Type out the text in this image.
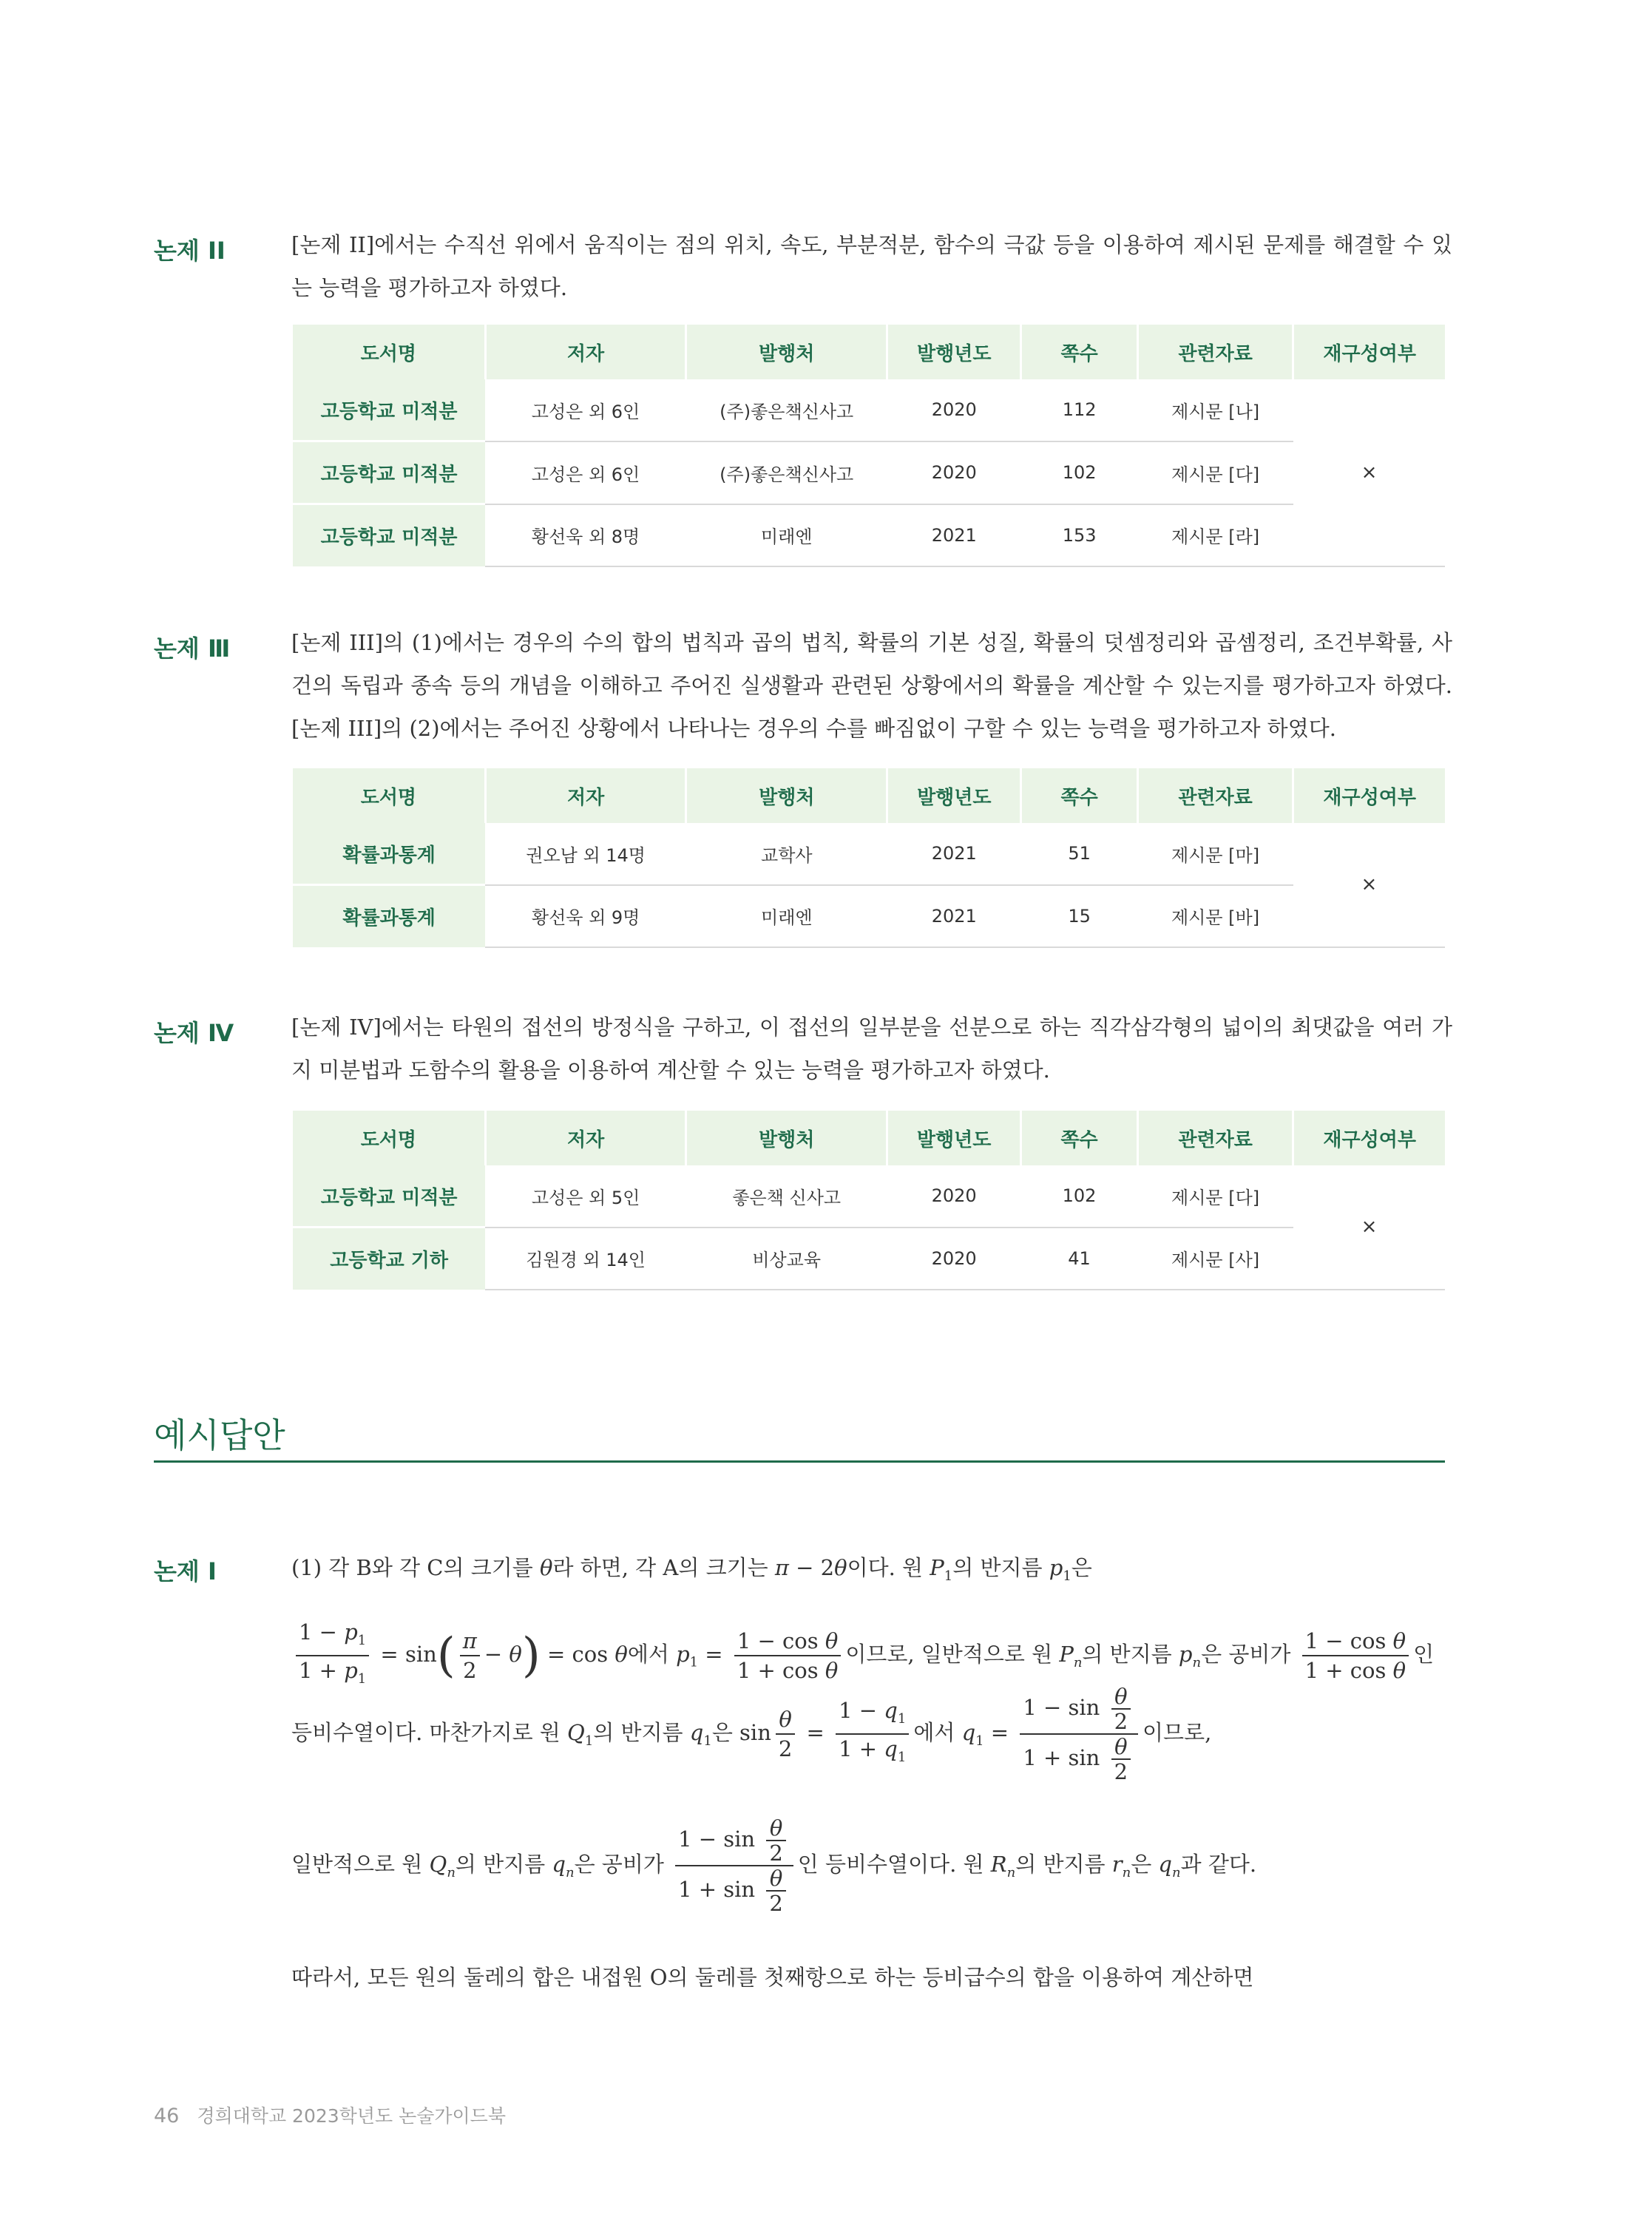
논제 II	[논제 II]에서는 수직선 위에서 움직이는 점의 위치, 속도, 부분적분, 함수의 극값 등을 이용하여 제시된 문제를 해결할 수 있는 능력을 평가하고자 하였다.
도서명	저자	발행처	발행년도	쪽수	관련자료	재구성여부
고등학교 미적분	고성은 외 6인	(주)좋은책신사고	2020	112	제시문 [나]	×
고등학교 미적분	고성은 외 6인	(주)좋은책신사고	2020	102	제시문 [다]	
고등학교 미적분	황선욱 외 8명	미래엔	2021	153	제시문 [라]	
논제 Ⅲ	[논제 III]의 (1)에서는 경우의 수의 합의 법칙과 곱의 법칙, 확률의 기본 성질, 확률의 덧셈정리와 곱셈정리, 조건부확률, 사건의 독립과 종속 등의 개념을 이해하고 주어진 실생활과 관련된 상황에서의 확률을 계산할 수 있는지를 평가하고자 하였다. [논제 III]의 (2)에서는 주어진 상황에서 나타나는 경우의 수를 빠짐없이 구할 수 있는 능력을 평가하고자 하였다.
도서명	저자	발행처	발행년도	쪽수	관련자료	재구성여부
확률과통계	권오남 외 14명	교학사	2021	51	제시문 [마]	×
확률과통계	황선욱 외 9명	미래엔	2021	15	제시문 [바]	
논제 Ⅳ	[논제 IV]에서는 타원의 접선의 방정식을 구하고, 이 접선의 일부분을 선분으로 하는 직각삼각형의 넓이의 최댓값을 여러 가지 미분법과 도함수의 활용을 이용하여 계산할 수 있는 능력을 평가하고자 하였다.
도서명	저자	발행처	발행년도	쪽수	관련자료	재구성여부
고등학교 미적분	고성은 외 5인	좋은책 신사고	2020	102	제시문 [다]	×
고등학교 기하	김원경 외 14인	비상교육	2020	41	제시문 [사]	
예시답안
논제 Ⅰ	(1) 각 B와 각 C의 크기를 θ라 하면, 각 A의 크기는 π − 2θ이다. 원 $P_1$의 반지름 $p_1$은
$\frac{1 - p_1}{1 + p_1} = \sin( \frac{\pi}{2} - \theta) = \cos \theta$에서 $p_1 = \frac{\text{1 − cos θ}}{\text{1 + cos θ}}$ 이므로, 일반적으로 원 $P_n$의 반지름 $p_n$은 공비가 $\frac{\text{1 − cos θ}}{\text{1 + cos θ}}$ 인
등비수열이다. 마찬가지로 원 $Q_1$의 반지름 $q_1$은 $\sin \frac{\theta}{2} = \frac{1 - q_1}{1 + q_1}$ 에서 $q_1 = \frac{1 - \sin \frac{\theta}{2}}{1 + \sin \frac{\theta}{2}}$ 이므로,
일반적으로 원 $Q_n$의 반지름 $q_n$은 공비가 $\frac{1 - \sin \frac{\theta}{2}}{1 + \sin \frac{\theta}{2}}$ 인 등비수열이다. 원 $R_n$의 반지름 $r_n$은 $q_n$과 같다.
따라서, 모든 원의 둘레의 합은 내접원 O의 둘레를 첫째항으로 하는 등비급수의 합을 이용하여 계산하면
46 경희대학교 2023학년도 논술가이드북
